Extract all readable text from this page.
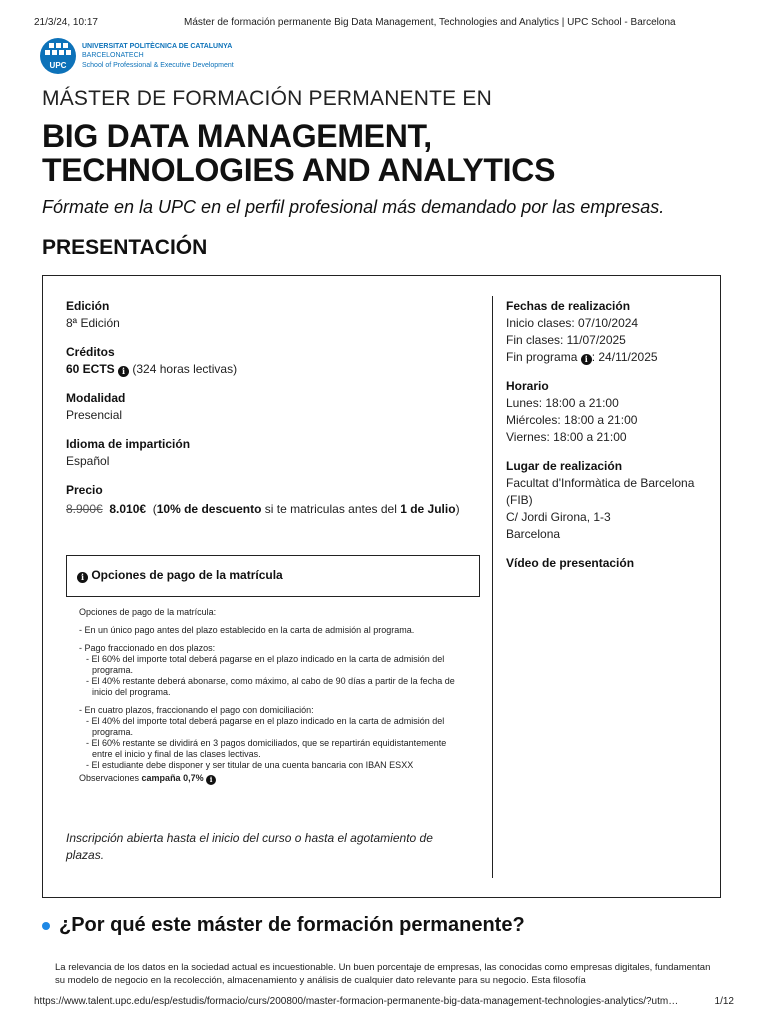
21/3/24, 10:17	Máster de formación permanente Big Data Management, Technologies and Analytics | UPC School - Barcelona
UPC
UNIVERSITAT POLITÈCNICA DE CATALUNYA
BARCELONATECH
School of Professional & Executive Development
MÁSTER DE FORMACIÓN PERMANENTE EN
BIG DATA MANAGEMENT,
TECHNOLOGIES AND ANALYTICS
Fórmate en la UPC en el perfil profesional más demandado por las empresas.
PRESENTACIÓN
Edición
8ª Edición
Créditos
60 ECTS i (324 horas lectivas)
Modalidad
Presencial
Idioma de impartición
Español
Precio
8.900€ 8.010€ (10% de descuento si te matriculas antes del 1 de Julio)
i Opciones de pago de la matrícula
Opciones de pago de la matrícula:
- En un único pago antes del plazo establecido en la carta de admisión al programa.
- Pago fraccionado en dos plazos:
- El 60% del importe total deberá pagarse en el plazo indicado en la carta de admisión del programa.
- El 40% restante deberá abonarse, como máximo, al cabo de 90 días a partir de la fecha de inicio del programa.
- En cuatro plazos, fraccionando el pago con domiciliación:
- El 40% del importe total deberá pagarse en el plazo indicado en la carta de admisión del programa.
- El 60% restante se dividirá en 3 pagos domiciliados, que se repartirán equidistantemente entre el inicio y final de las clases lectivas.
- El estudiante debe disponer y ser titular de una cuenta bancaria con IBAN ESXX
Observaciones campaña 0,7% i
Inscripción abierta hasta el inicio del curso o hasta el agotamiento de plazas.
Fechas de realización
Inicio clases: 07/10/2024
Fin clases: 11/07/2025
Fin programa i : 24/11/2025
Horario
Lunes: 18:00 a 21:00
Miércoles: 18:00 a 21:00
Viernes: 18:00 a 21:00
Lugar de realización
Facultat d'Informàtica de Barcelona (FIB)
C/ Jordi Girona, 1-3
Barcelona
Vídeo de presentación
¿Por qué este máster de formación permanente?
La relevancia de los datos en la sociedad actual es incuestionable. Un buen porcentaje de empresas, las conocidas como empresas digitales, fundamentan su modelo de negocio en la recolección, almacenamiento y análisis de cualquier dato relevante para su negocio. Esta filosofía
https://www.talent.upc.edu/esp/estudis/formacio/curs/200800/master-formacion-permanente-big-data-management-technologies-analytics/?utm…	1/12
